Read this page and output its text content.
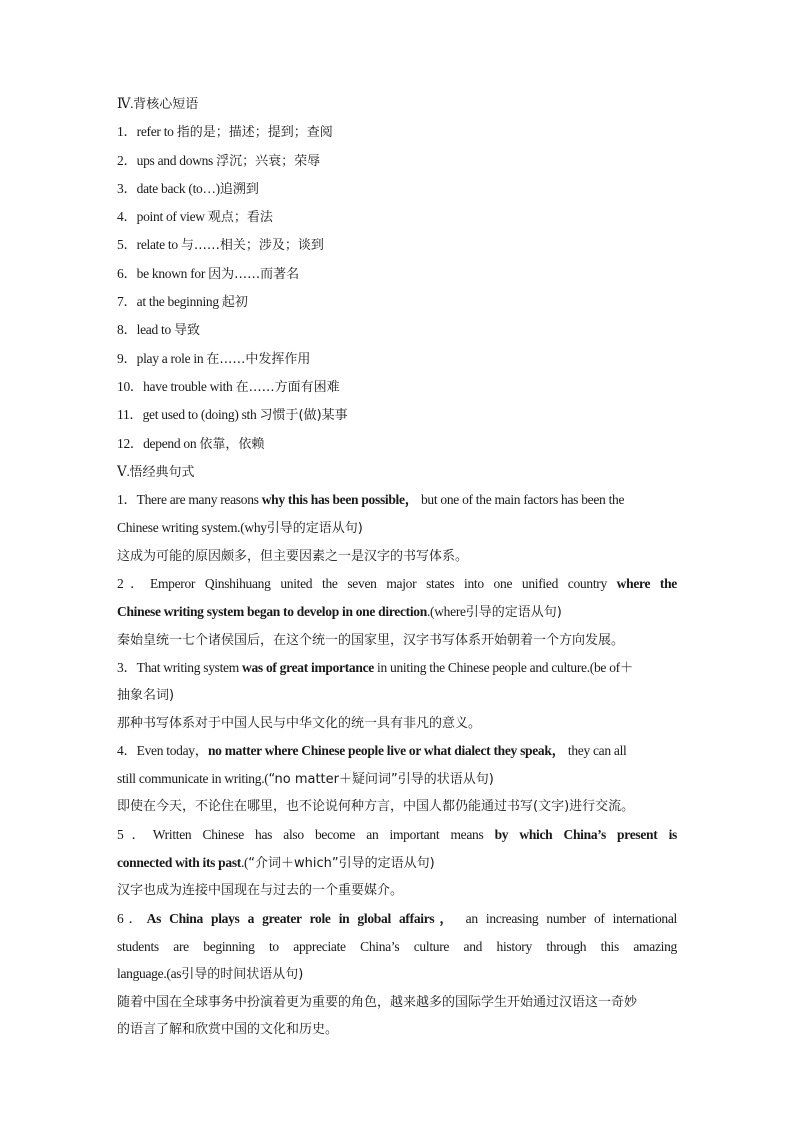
Ⅳ.背核心短语
1．refer to 指的是；描述；提到；查阅
2．ups and downs 浮沉；兴衰；荣辱
3．date back (to…)追溯到
4．point of view 观点；看法
5．relate to 与……相关；涉及；谈到
6．be known for 因为……而著名
7．at the beginning 起初
8．lead to 导致
9．play a role in 在……中发挥作用
10．have trouble with 在……方面有困难
11．get used to (doing) sth 习惯于(做)某事
12．depend on 依靠，依赖
Ⅴ.悟经典句式
1．There are many reasons why this has been possible， but one of the main factors has been the
Chinese writing system.(why引导的定语从句)
这成为可能的原因颇多，但主要因素之一是汉字的书写体系。
2．Emperor Qinshihuang united the seven major states into one unified country where the
Chinese writing system began to develop in one direction.(where引导的定语从句)
秦始皇统一七个诸侯国后，在这个统一的国家里，汉字书写体系开始朝着一个方向发展。
3．That writing system was of great importance in uniting the Chinese people and culture.(be of＋
抽象名词)
那种书写体系对于中国人民与中华文化的统一具有非凡的意义。
4．Even today，no matter where Chinese people live or what dialect they speak， they can all
still communicate in writing.(“no matter＋疑问词”引导的状语从句)
即使在今天，不论住在哪里，也不论说何种方言，中国人都仍能通过书写(文字)进行交流。
5．Written Chinese has also become an important means by which China’s present is
connected with its past.(“介词＋which”引导的定语从句)
汉字也成为连接中国现在与过去的一个重要媒介。
6．As China plays a greater role in global affairs， an increasing number of international
students are beginning to appreciate China’s culture and history through this amazing
language.(as引导的时间状语从句)
随着中国在全球事务中扮演着更为重要的角色，越来越多的国际学生开始通过汉语这一奇妙
的语言了解和欣赏中国的文化和历史。
